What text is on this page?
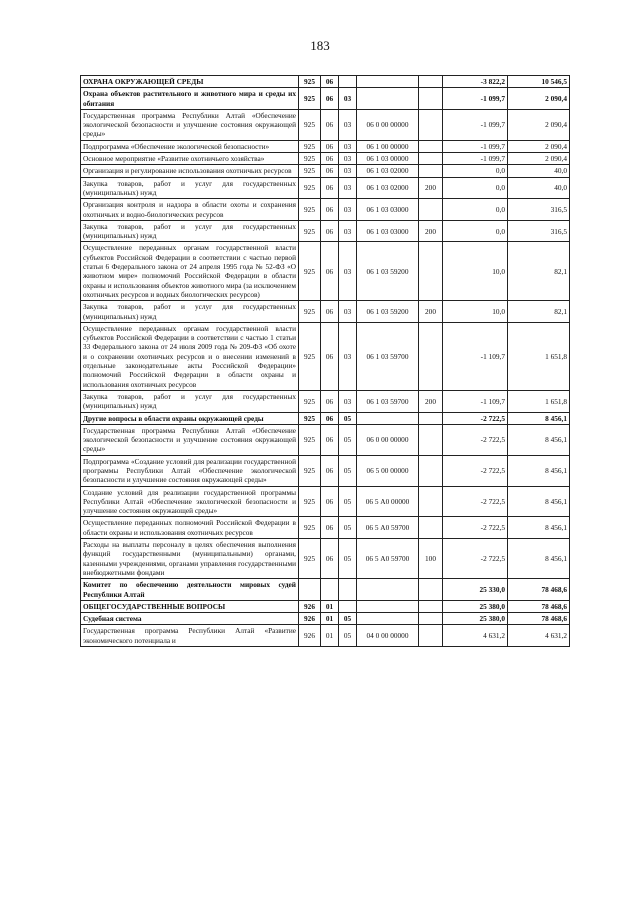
183
ОХРАНА ОКРУЖАЮЩЕЙ СРЕДЫ	925	06				-3 822,2	10 546,5
Охрана объектов растительного и животного мира и среды их обитания	925	06	03			-1 099,7	2 090,4
Государственная программа Республики Алтай «Обеспечение экологической безопасности и улучшение состояния окружающей среды»	925	06	03	06 0 00 00000		-1 099,7	2 090,4
Подпрограмма «Обеспечение экологической безопасности»	925	06	03	06 1 00 00000		-1 099,7	2 090,4
Основное мероприятие «Развитие охотничьего хозяйства»	925	06	03	06 1 03 00000		-1 099,7	2 090,4
Организация и регулирование использования охотничьих ресурсов	925	06	03	06 1 03 02000		0,0	40,0
Закупка товаров, работ и услуг для государственных (муниципальных) нужд	925	06	03	06 1 03 02000	200	0,0	40,0
Организация контроля и надзора в области охоты и сохранения охотничьих и водно-биологических ресурсов	925	06	03	06 1 03 03000		0,0	316,5
Закупка товаров, работ и услуг для государственных (муниципальных) нужд	925	06	03	06 1 03 03000	200	0,0	316,5
Осуществление переданных органам государственной власти субъектов Российской Федерации в соответствии с частью первой статьи 6 Федерального закона от 24 апреля 1995 года № 52-ФЗ «О животном мире» полномочий Российской Федерации в области охраны и использования объектов животного мира (за исключением охотничьих ресурсов и водных биологических ресурсов)	925	06	03	06 1 03 59200		10,0	82,1
Закупка товаров, работ и услуг для государственных (муниципальных) нужд	925	06	03	06 1 03 59200	200	10,0	82,1
Осуществление переданных органам государственной власти субъектов Российской Федерации в соответствии с частью 1 статьи 33 Федерального закона от 24 июля 2009 года № 209-ФЗ «Об охоте и о сохранении охотничьих ресурсов и о внесении изменений в отдельные законодательные акты Российской Федерации» полномочий Российской Федерации в области охраны и использования охотничьих ресурсов	925	06	03	06 1 03 59700		-1 109,7	1 651,8
Закупка товаров, работ и услуг для государственных (муниципальных) нужд	925	06	03	06 1 03 59700	200	-1 109,7	1 651,8
Другие вопросы в области охраны окружающей среды	925	06	05			-2 722,5	8 456,1
Государственная программа Республики Алтай «Обеспечение экологической безопасности и улучшение состояния окружающей среды»	925	06	05	06 0 00 00000		-2 722,5	8 456,1
Подпрограмма «Создание условий для реализации государственной программы Республики Алтай «Обеспечение экологической безопасности и улучшение состояния окружающей среды»	925	06	05	06 5 00 00000		-2 722,5	8 456,1
Создание условий для реализации государственной программы Республики Алтай «Обеспечение экологической безопасности и улучшение состояния окружающей среды»	925	06	05	06 5 А0 00000		-2 722,5	8 456,1
Осуществление переданных полномочий Российской Федерации в области охраны и использования охотничьих ресурсов	925	06	05	06 5 А0 59700		-2 722,5	8 456,1
Расходы на выплаты персоналу в целях обеспечения выполнения функций государственными (муниципальными) органами, казенными учреждениями, органами управления государственными внебюджетными фондами	925	06	05	06 5 А0 59700	100	-2 722,5	8 456,1
Комитет по обеспечению деятельности мировых судей Республики Алтай						25 330,0	78 468,6
ОБЩЕГОСУДАРСТВЕННЫЕ ВОПРОСЫ	926	01				25 380,0	78 468,6
Судебная система	926	01	05			25 380,0	78 468,6
Государственная программа Республики Алтай «Развитие экономического потенциала и	926	01	05	04 0 00 00000		4 631,2	4 631,2
